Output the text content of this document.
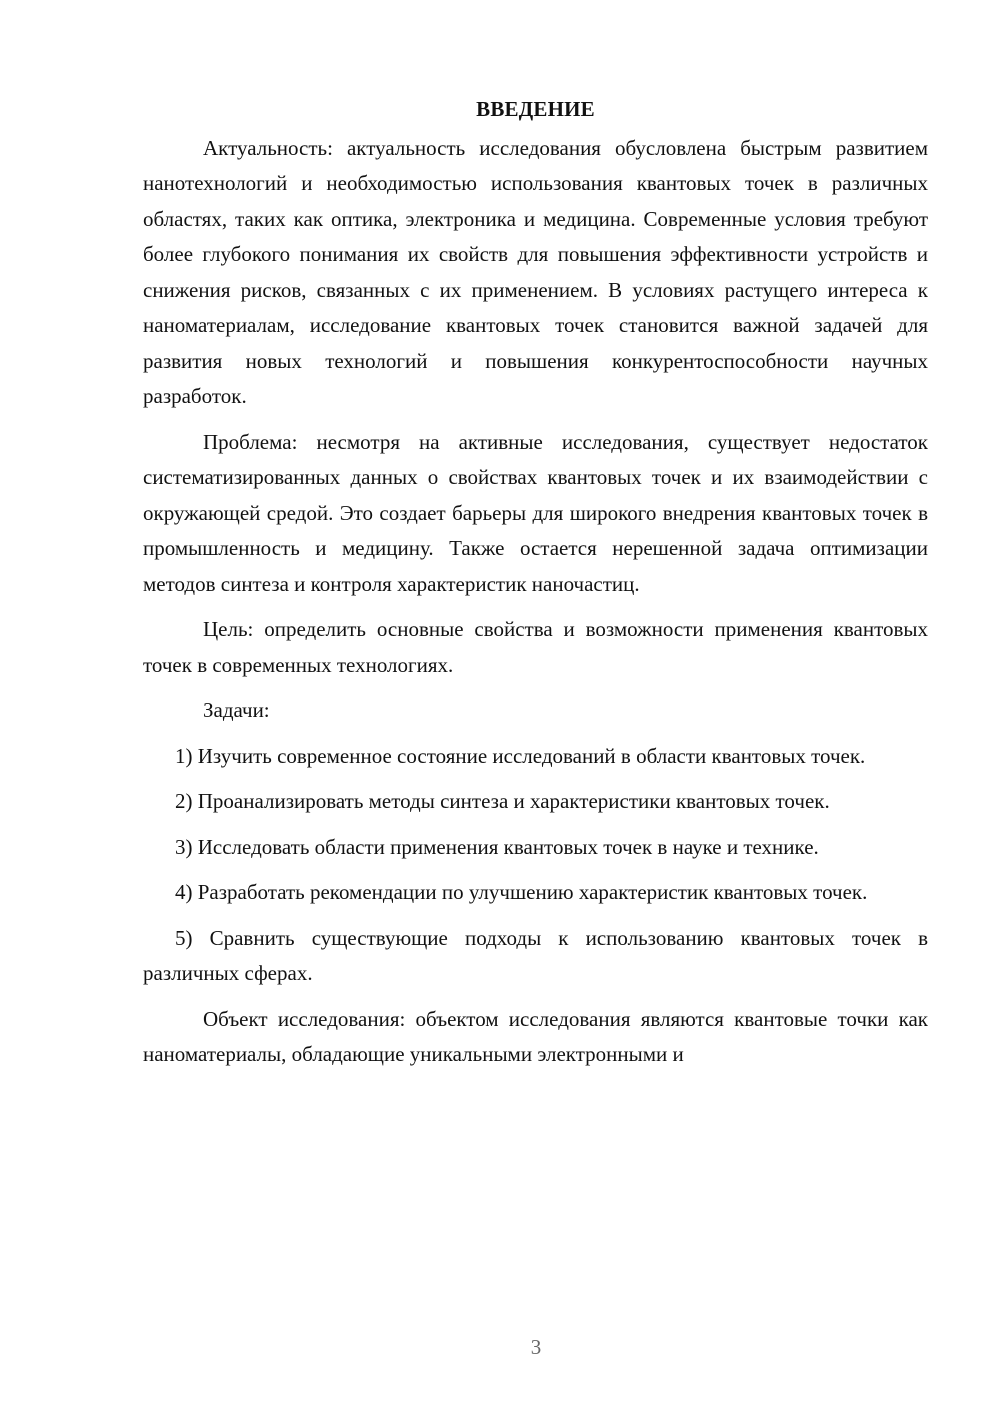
ВВЕДЕНИЕ

Актуальность: актуальность исследования обусловлена быстрым развитием нанотехнологий и необходимостью использования квантовых точек в различных областях, таких как оптика, электроника и медицина. Современные условия требуют более глубокого понимания их свойств для повышения эффективности устройств и снижения рисков, связанных с их применением. В условиях растущего интереса к наноматериалам, исследование квантовых точек становится важной задачей для развития новых технологий и повышения конкурентоспособности научных разработок.

Проблема: несмотря на активные исследования, существует недостаток систематизированных данных о свойствах квантовых точек и их взаимодействии с окружающей средой. Это создает барьеры для широкого внедрения квантовых точек в промышленность и медицину. Также остается нерешенной задача оптимизации методов синтеза и контроля характеристик наночастиц.

Цель: определить основные свойства и возможности применения квантовых точек в современных технологиях.

Задачи:

1) Изучить современное состояние исследований в области квантовых точек.
2) Проанализировать методы синтеза и характеристики квантовых точек.
3) Исследовать области применения квантовых точек в науке и технике.
4) Разработать рекомендации по улучшению характеристик квантовых точек.
5) Сравнить существующие подходы к использованию квантовых точек в различных сферах.

Объект исследования: объектом исследования являются квантовые точки как наноматериалы, обладающие уникальными электронными и

3
